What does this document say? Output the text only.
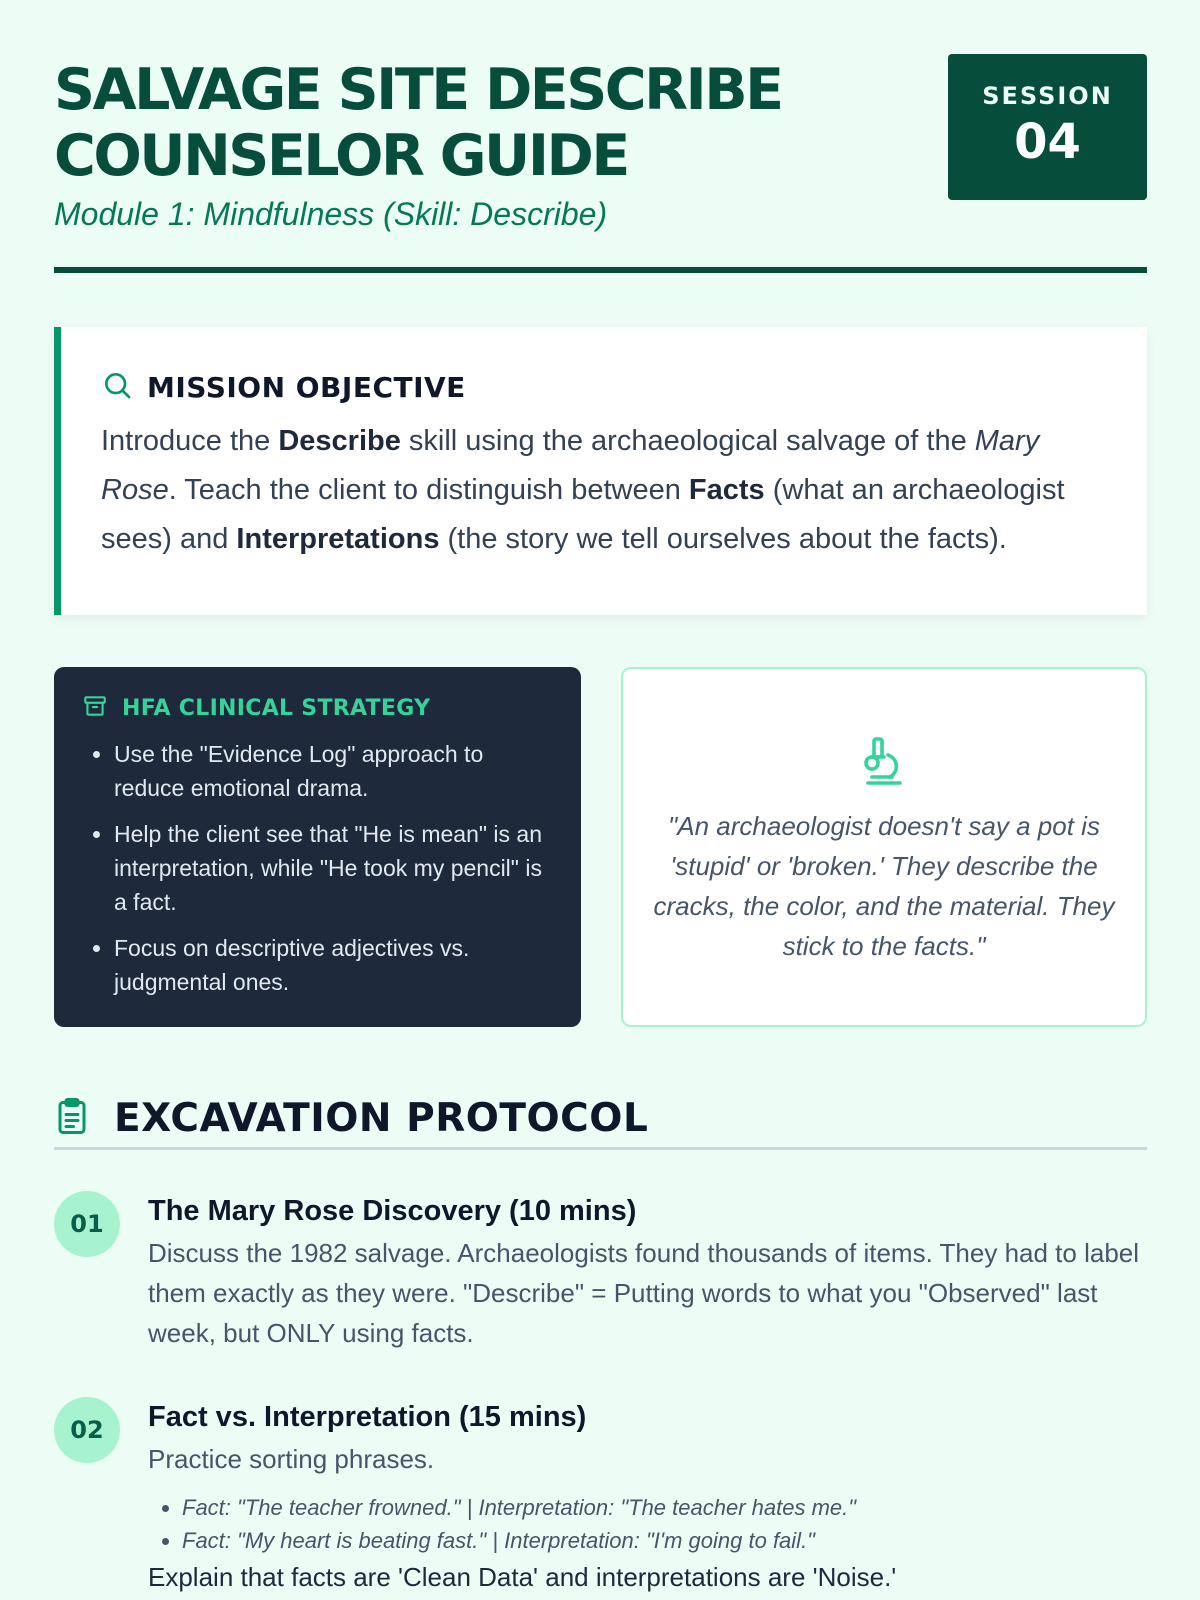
SALVAGE SITE DESCRIBE
COUNSELOR GUIDE
Module 1: Mindfulness (Skill: Describe)
SESSION
04
MISSION OBJECTIVE

Introduce the Describe skill using the archaeological salvage of the Mary Rose. Teach the client to distinguish between Facts (what an archaeologist sees) and Interpretations (the story we tell ourselves about the facts).

HFA CLINICAL STRATEGY
• Use the "Evidence Log" approach to reduce emotional drama.
• Help the client see that "He is mean" is an interpretation, while "He took my pencil" is a fact.
• Focus on descriptive adjectives vs. judgmental ones.

"An archaeologist doesn't say a pot is 'stupid' or 'broken.' They describe the cracks, the color, and the material. They stick to the facts."

EXCAVATION PROTOCOL
01	The Mary Rose Discovery (10 mins)
Discuss the 1982 salvage. Archaeologists found thousands of items. They had to label them exactly as they were. "Describe" = Putting words to what you "Observed" last week, but ONLY using facts.
02	Fact vs. Interpretation (15 mins)
Practice sorting phrases.
• Fact: "The teacher frowned." | Interpretation: "The teacher hates me."
• Fact: "My heart is beating fast." | Interpretation: "I'm going to fail."
Explain that facts are 'Clean Data' and interpretations are 'Noise.'
